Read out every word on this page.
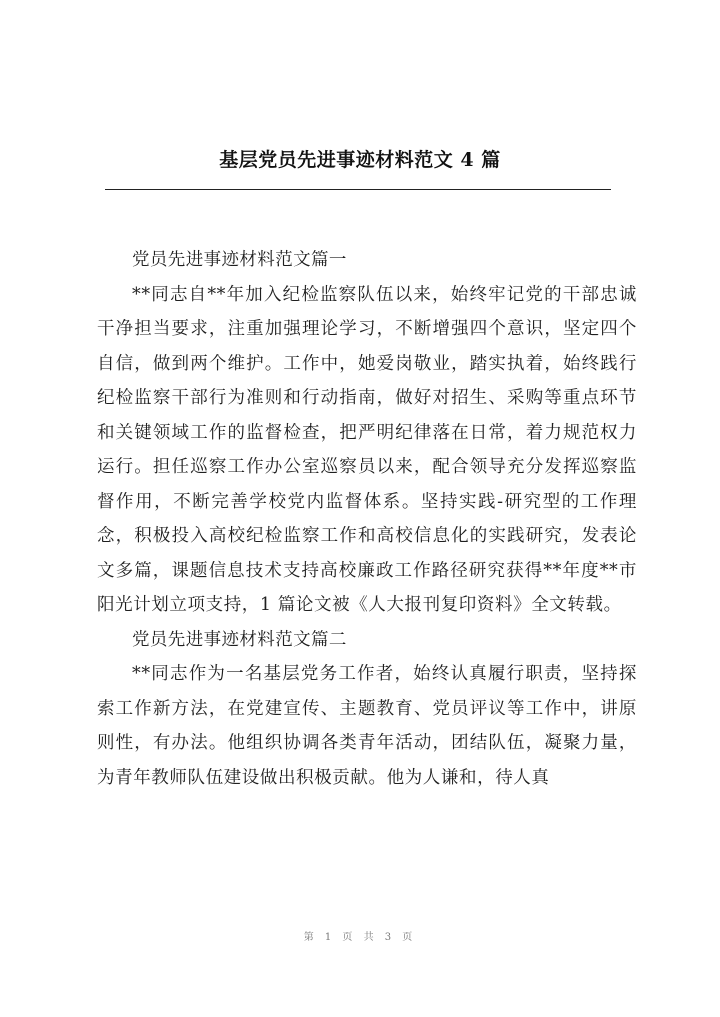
基层党员先进事迹材料范文 4 篇

党员先进事迹材料范文篇一

**同志自**年加入纪检监察队伍以来，始终牢记党的干部忠诚干净担当要求，注重加强理论学习，不断增强四个意识，坚定四个自信，做到两个维护。工作中，她爱岗敬业，踏实执着，始终践行纪检监察干部行为准则和行动指南，做好对招生、采购等重点环节和关键领域工作的监督检查，把严明纪律落在日常，着力规范权力运行。担任巡察工作办公室巡察员以来，配合领导充分发挥巡察监督作用，不断完善学校党内监督体系。坚持实践-研究型的工作理念，积极投入高校纪检监察工作和高校信息化的实践研究，发表论文多篇，课题信息技术支持高校廉政工作路径研究获得**年度**市阳光计划立项支持，1 篇论文被《人大报刊复印资料》全文转载。

党员先进事迹材料范文篇二

**同志作为一名基层党务工作者，始终认真履行职责，坚持探索工作新方法，在党建宣传、主题教育、党员评议等工作中，讲原则性，有办法。他组织协调各类青年活动，团结队伍，凝聚力量，为青年教师队伍建设做出积极贡献。他为人谦和，待人真

第 1 页 共 3 页
